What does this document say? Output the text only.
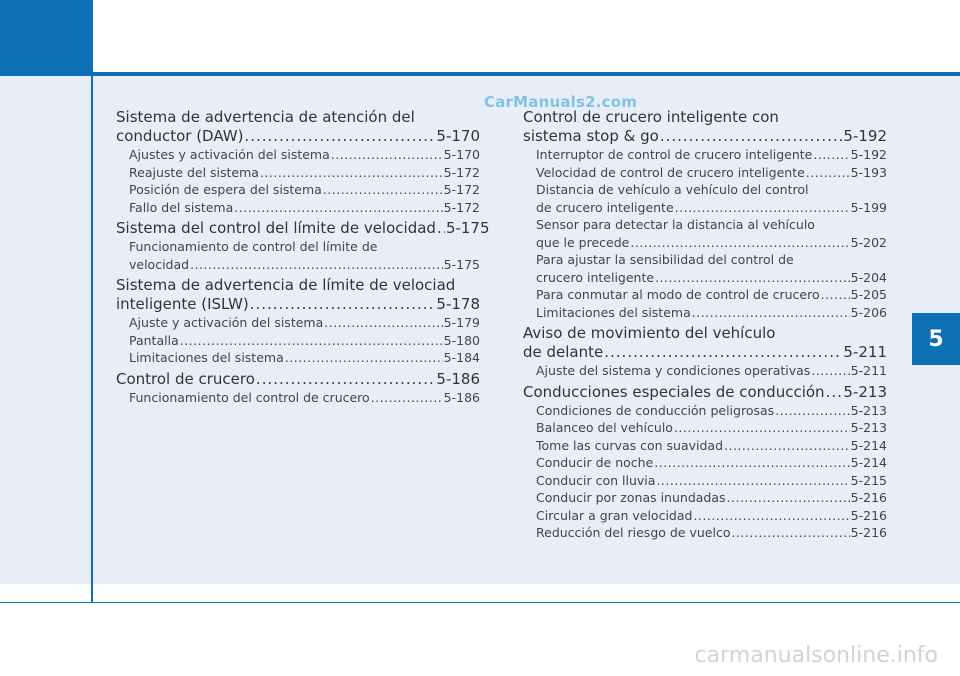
5
CarManuals2.com
carmanualsonline.info
Sistema de advertencia de atención del
conductor (DAW) .....	5-170
Ajustes y activación del sistema .....	5-170
Reajuste del sistema .....	5-172
Posición de espera del sistema .....	5-172
Fallo del sistema .....	5-172
Sistema del control del límite de velocidad ..... 5-175
Funcionamiento de control del límite de
velocidad .....	5-175
Sistema de advertencia de límite de velociad
inteligente (ISLW) .....	5-178
Ajuste y activación del sistema .....	5-179
Pantalla .....	5-180
Limitaciones del sistema .....	5-184
Control de crucero .....	5-186
Funcionamiento del control de crucero .....	5-186
Control de crucero inteligente con
sistema stop & go .....	5-192
Interruptor de control de crucero inteligente .....	5-192
Velocidad de control de crucero inteligente .....	5-193
Distancia de vehículo a vehículo del control
de crucero inteligente .....	5-199
Sensor para detectar la distancia al vehículo
que le precede .....	5-202
Para ajustar la sensibilidad del control de
crucero inteligente .....	5-204
Para conmutar al modo de control de crucero ..... 5-205
Limitaciones del sistema .....	5-206
Aviso de movimiento del vehículo
de delante .....	5-211
Ajuste del sistema y condiciones operativas .....	5-211
Conducciones especiales de conducción ..... 5-213
Condiciones de conducción peligrosas .....	5-213
Balanceo del vehículo .....	5-213
Tome las curvas con suavidad .....	5-214
Conducir de noche .....	5-214
Conducir con lluvia .....	5-215
Conducir por zonas inundadas .....	5-216
Circular a gran velocidad .....	5-216
Reducción del riesgo de vuelco .....	5-216
